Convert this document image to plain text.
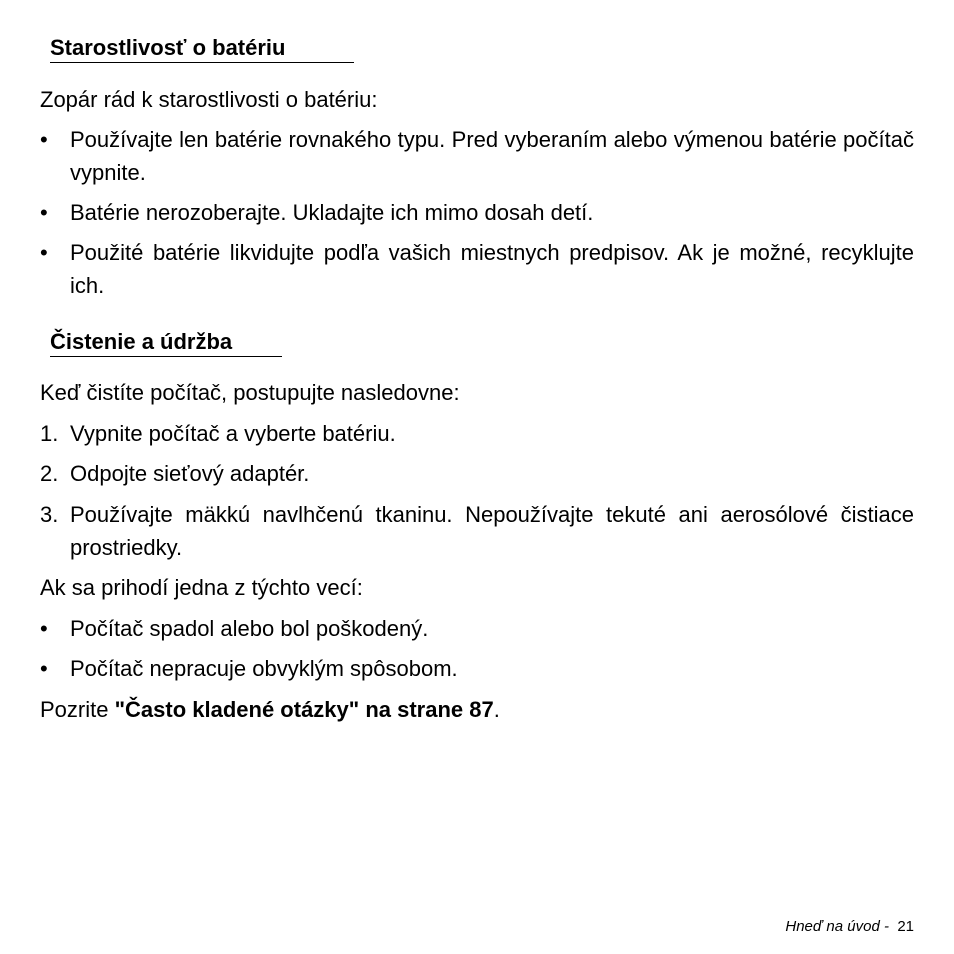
Starostlivosť o batériu

Zopár rád k starostlivosti o batériu:

• Používajte len batérie rovnakého typu. Pred vyberaním alebo výmenou batérie počítač vypnite.
• Batérie nerozoberajte. Ukladajte ich mimo dosah detí.
• Použité batérie likvidujte podľa vašich miestnych predpisov. Ak je možné, recyklujte ich.
Čistenie a údržba

Keď čistíte počítač, postupujte nasledovne:

1. Vypnite počítač a vyberte batériu.
2. Odpojte sieťový adaptér.
3. Používajte mäkkú navlhčenú tkaninu. Nepoužívajte tekuté ani aerosólové čistiace prostriedky.

Ak sa prihodí jedna z týchto vecí:

• Počítač spadol alebo bol poškodený.
• Počítač nepracuje obvyklým spôsobom.

Pozrite "Často kladené otázky" na strane 87.

Hneď na úvod - 21
